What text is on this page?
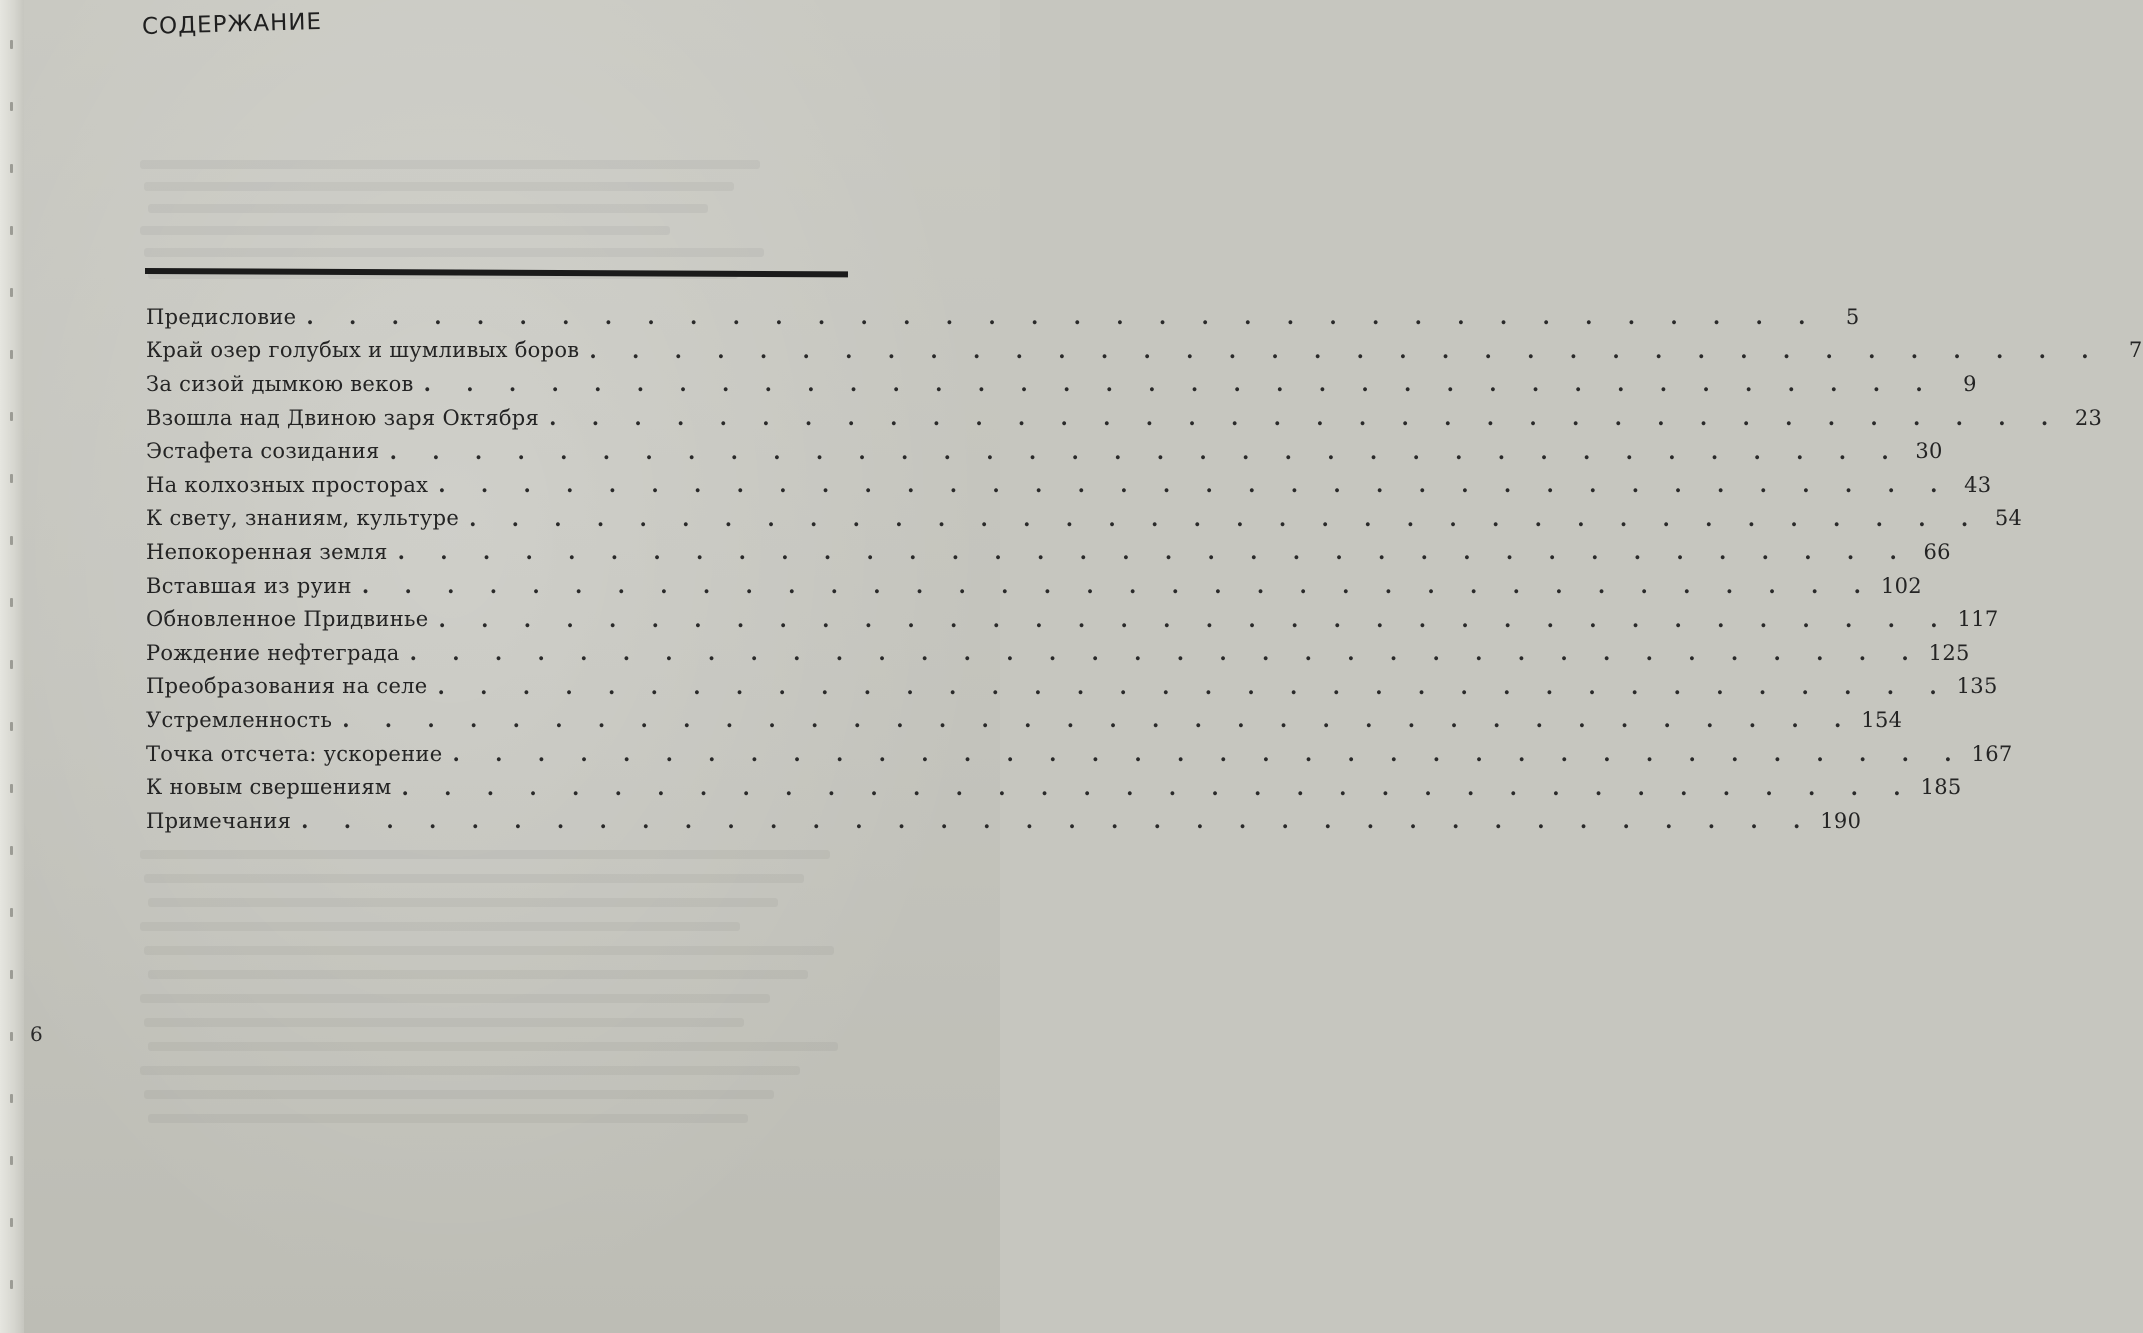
СОДЕРЖАНИЕ
Предисловие . . . . . . . . . . . . . . . . . . . . . . . . . . . . . . . . . . . .	5
Край озер голубых и шумливых боров . . . . . . . . . . . . . . . . . . . . . . . . . . . . . . . . . . . .	7
За сизой дымкою веков . . . . . . . . . . . . . . . . . . . . . . . . . . . . . . . . . . . .	9
Взошла над Двиною заря Октября . . . . . . . . . . . . . . . . . . . . . . . . . . . . . . . . . . . . 23
Эстафета созидания . . . . . . . . . . . . . . . . . . . . . . . . . . . . . . . . . . . . 30
На колхозных просторах . . . . . . . . . . . . . . . . . . . . . . . . . . . . . . . . . . . . 43
К свету, знаниям, культуре . . . . . . . . . . . . . . . . . . . . . . . . . . . . . . . . . . . . 54
Непокоренная земля . . . . . . . . . . . . . . . . . . . . . . . . . . . . . . . . . . . . 66
Вставшая из руин . . . . . . . . . . . . . . . . . . . . . . . . . . . . . . . . . . . . 102
Обновленное Придвинье . . . . . . . . . . . . . . . . . . . . . . . . . . . . . . . . . . . . 117
Рождение нефтеграда . . . . . . . . . . . . . . . . . . . . . . . . . . . . . . . . . . . . 125
Преобразования на селе . . . . . . . . . . . . . . . . . . . . . . . . . . . . . . . . . . . . 135
Устремленность . . . . . . . . . . . . . . . . . . . . . . . . . . . . . . . . . . . . 154
Точка отсчета: ускорение . . . . . . . . . . . . . . . . . . . . . . . . . . . . . . . . . . . . 167
К новым свершениям . . . . . . . . . . . . . . . . . . . . . . . . . . . . . . . . . . . . 185
Примечания . . . . . . . . . . . . . . . . . . . . . . . . . . . . . . . . . . . . 190
6
